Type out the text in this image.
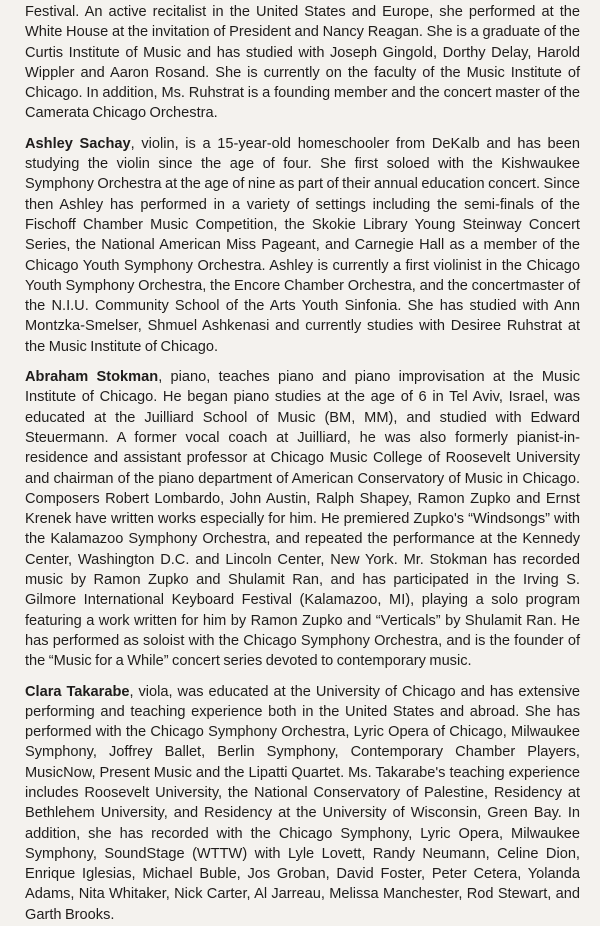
Festival. An active recitalist in the United States and Europe, she performed at the White House at the invitation of President and Nancy Reagan. She is a graduate of the Curtis Institute of Music and has studied with Joseph Gingold, Dorthy Delay, Harold Wippler and Aaron Rosand. She is currently on the faculty of the Music Institute of Chicago. In addition, Ms. Ruhstrat is a founding member and the concert master of the Camerata Chicago Orchestra.

Ashley Sachay, violin, is a 15-year-old homeschooler from DeKalb and has been studying the violin since the age of four. She first soloed with the Kishwaukee Symphony Orchestra at the age of nine as part of their annual education concert. Since then Ashley has performed in a variety of settings including the semi-finals of the Fischoff Chamber Music Competition, the Skokie Library Young Steinway Concert Series, the National American Miss Pageant, and Carnegie Hall as a member of the Chicago Youth Symphony Orchestra. Ashley is currently a first violinist in the Chicago Youth Symphony Orchestra, the Encore Chamber Orchestra, and the concertmaster of the N.I.U. Community School of the Arts Youth Sinfonia. She has studied with Ann Montzka-Smelser, Shmuel Ashkenasi and currently studies with Desiree Ruhstrat at the Music Institute of Chicago.

Abraham Stokman, piano, teaches piano and piano improvisation at the Music Institute of Chicago. He began piano studies at the age of 6 in Tel Aviv, Israel, was educated at the Juilliard School of Music (BM, MM), and studied with Edward Steuermann. A former vocal coach at Juilliard, he was also formerly pianist-in-residence and assistant professor at Chicago Music College of Roosevelt University and chairman of the piano department of American Conservatory of Music in Chicago. Composers Robert Lombardo, John Austin, Ralph Shapey, Ramon Zupko and Ernst Krenek have written works especially for him. He premiered Zupko's “Windsongs” with the Kalamazoo Symphony Orchestra, and repeated the performance at the Kennedy Center, Washington D.C. and Lincoln Center, New York. Mr. Stokman has recorded music by Ramon Zupko and Shulamit Ran, and has participated in the Irving S. Gilmore International Keyboard Festival (Kalamazoo, MI), playing a solo program featuring a work written for him by Ramon Zupko and “Verticals” by Shulamit Ran. He has performed as soloist with the Chicago Symphony Orchestra, and is the founder of the “Music for a While” concert series devoted to contemporary music.

Clara Takarabe, viola, was educated at the University of Chicago and has extensive performing and teaching experience both in the United States and abroad. She has performed with the Chicago Symphony Orchestra, Lyric Opera of Chicago, Milwaukee Symphony, Joffrey Ballet, Berlin Symphony, Contemporary Chamber Players, MusicNow, Present Music and the Lipatti Quartet. Ms. Takarabe's teaching experience includes Roosevelt University, the National Conservatory of Palestine, Residency at Bethlehem University, and Residency at the University of Wisconsin, Green Bay. In addition, she has recorded with the Chicago Symphony, Lyric Opera, Milwaukee Symphony, SoundStage (WTTW) with Lyle Lovett, Randy Neumann, Celine Dion, Enrique Iglesias, Michael Buble, Jos Groban, David Foster, Peter Cetera, Yolanda Adams, Nita Whitaker, Nick Carter, Al Jarreau, Melissa Manchester, Rod Stewart, and Garth Brooks.
